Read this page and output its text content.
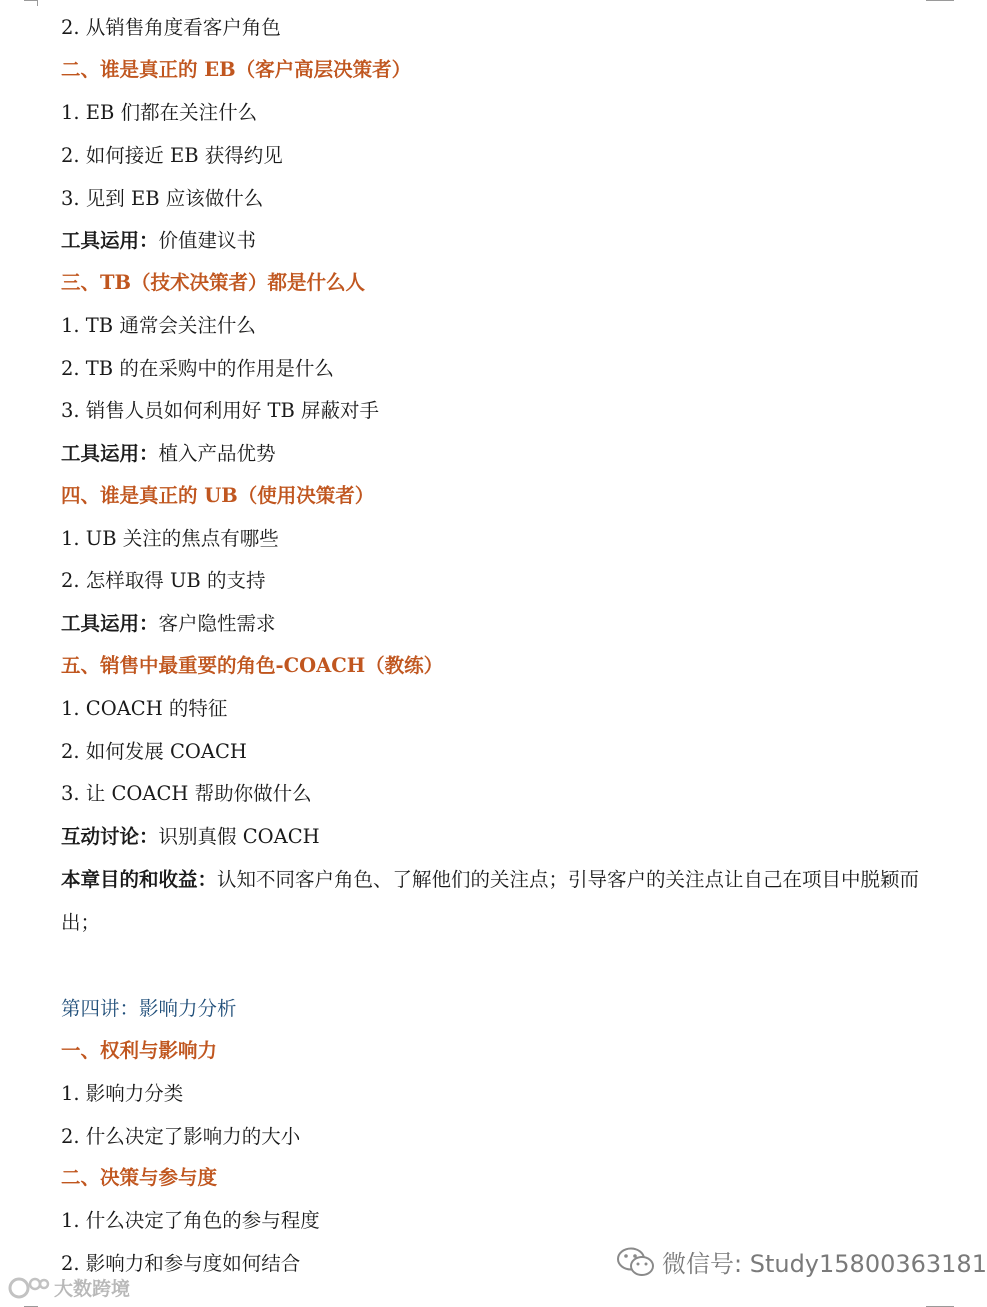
2. 从销售角度看客户角色

二、谁是真正的 EB（客户高层决策者）

1. EB 们都在关注什么

2. 如何接近 EB 获得约见

3. 见到 EB 应该做什么

工具运用：价值建议书

三、TB（技术决策者）都是什么人

1. TB 通常会关注什么

2. TB 的在采购中的作用是什么

3. 销售人员如何利用好 TB 屏蔽对手

工具运用：植入产品优势

四、谁是真正的 UB（使用决策者）

1. UB 关注的焦点有哪些

2. 怎样取得 UB 的支持

工具运用：客户隐性需求

五、销售中最重要的角色-COACH（教练）

1. COACH 的特征

2. 如何发展 COACH

3. 让 COACH 帮助你做什么

互动讨论：识别真假 COACH

本章目的和收益：认知不同客户角色、了解他们的关注点；引导客户的关注点让自己在项目中脱颖而出；

第四讲：影响力分析

一、权利与影响力

1. 影响力分类

2. 什么决定了影响力的大小

二、决策与参与度

1. 什么决定了角色的参与程度

2. 影响力和参与度如何结合	微信号: Study15800363181
大数跨境
